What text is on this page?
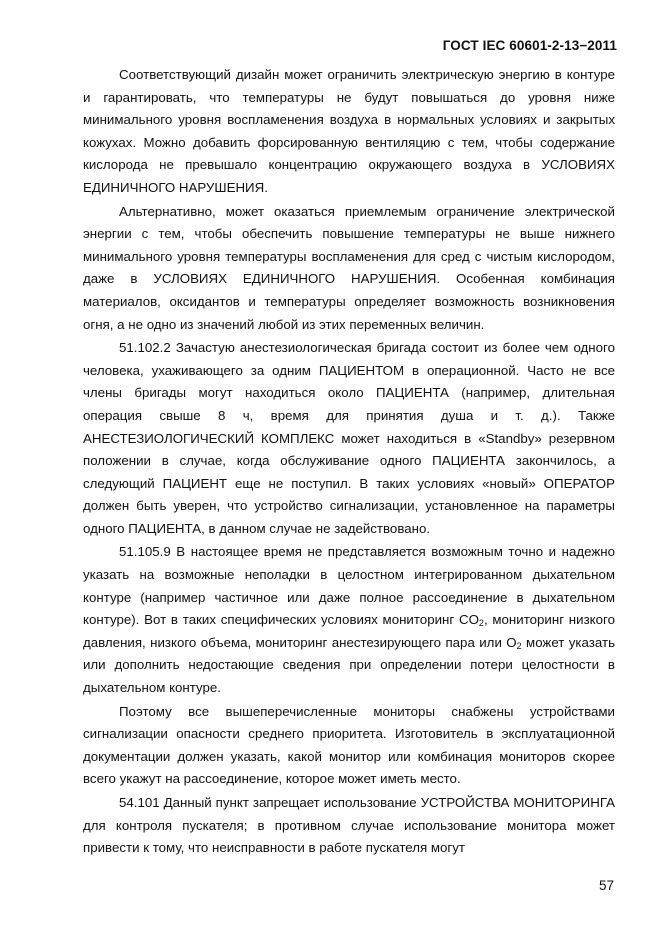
ГОСТ IEC 60601-2-13−2011

Соответствующий дизайн может ограничить электрическую энергию в контуре и гарантировать, что температуры не будут повышаться до уровня ниже минимального уровня воспламенения воздуха в нормальных условиях и закрытых кожухах. Можно добавить форсированную вентиляцию с тем, чтобы содержание кислорода не превышало концентрацию окружающего воздуха в УСЛОВИЯХ ЕДИНИЧНОГО НАРУШЕНИЯ.

Альтернативно, может оказаться приемлемым ограничение электрической энергии с тем, чтобы обеспечить повышение температуры не выше нижнего минимального уровня температуры воспламенения для сред с чистым кислородом, даже в УСЛОВИЯХ ЕДИНИЧНОГО НАРУШЕНИЯ. Особенная комбинация материалов, оксидантов и температуры определяет возможность возникновения огня, а не одно из значений любой из этих переменных величин.

51.102.2 Зачастую анестезиологическая бригада состоит из более чем одного человека, ухаживающего за одним ПАЦИЕНТОМ в операционной. Часто не все члены бригады могут находиться около ПАЦИЕНТА (например, длительная операция свыше 8 ч, время для принятия душа и т. д.). Также АНЕСТЕЗИОЛОГИЧЕСКИЙ КОМПЛЕКС может находиться в «Standby» резервном положении в случае, когда обслуживание одного ПАЦИЕНТА закончилось, а следующий ПАЦИЕНТ еще не поступил. В таких условиях «новый» ОПЕРАТОР должен быть уверен, что устройство сигнализации, установленное на параметры одного ПАЦИЕНТА, в данном случае не задействовано.

51.105.9 В настоящее время не представляется возможным точно и надежно указать на возможные неполадки в целостном интегрированном дыхательном контуре (например частичное или даже полное рассоединение в дыхательном контуре). Вот в таких специфических условиях мониторинг $CO_2$, мониторинг низкого давления, низкого объема, мониторинг анестезирующего пара или $O_2$ может указать или дополнить недостающие сведения при определении потери целостности в дыхательном контуре.

Поэтому все вышеперечисленные мониторы снабжены устройствами сигнализации опасности среднего приоритета. Изготовитель в эксплуатационной документации должен указать, какой монитор или комбинация мониторов скорее всего укажут на рассоединение, которое может иметь место.

54.101 Данный пункт запрещает использование УСТРОЙСТВА МОНИТОРИНГА для контроля пускателя; в противном случае использование монитора может привести к тому, что неисправности в работе пускателя могут

57
